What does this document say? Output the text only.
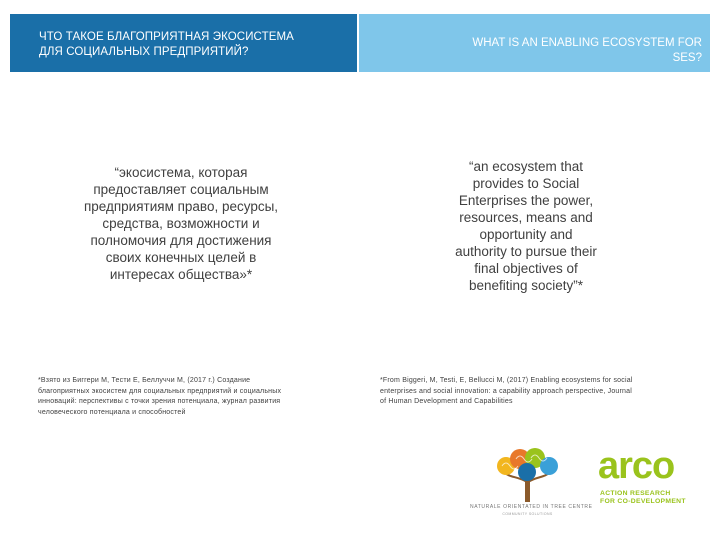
ЧТО ТАКОЕ БЛАГОПРИЯТНАЯ ЭКОСИСТЕМА
ДЛЯ СОЦИАЛЬНЫХ ПРЕДПРИЯТИЙ?
WHAT IS AN ENABLING ECOSYSTEM FOR
SES?
“экосистема, которая
предоставляет социальным
предприятиям право, ресурсы,
средства, возможности и
полномочия для достижения
своих конечных целей в
интересах общества»*
“an ecosystem that
provides to Social
Enterprises the power,
resources, means and
opportunity and
authority to pursue their
final objectives of
benefiting society”*
*Взято из Биггери М, Тести Е, Беллуччи М, (2017 г.) Создание
благоприятных экосистем для социальных предприятий и социальных
инноваций: перспективы с точки зрения потенциала, журнал развития
человеческого потенциала и способностей
*From Biggeri, M, Testi, E, Bellucci M, (2017) Enabling ecosystems for social
enterprises and social innovation: a capability approach perspective, Journal
of Human Development and Capabilities
NATURALE ORIENTATED IN TREE CENTRE
COMMUNITY SOLUTIONS
arco
ACTION RESEARCH
FOR CO-DEVELOPMENT
